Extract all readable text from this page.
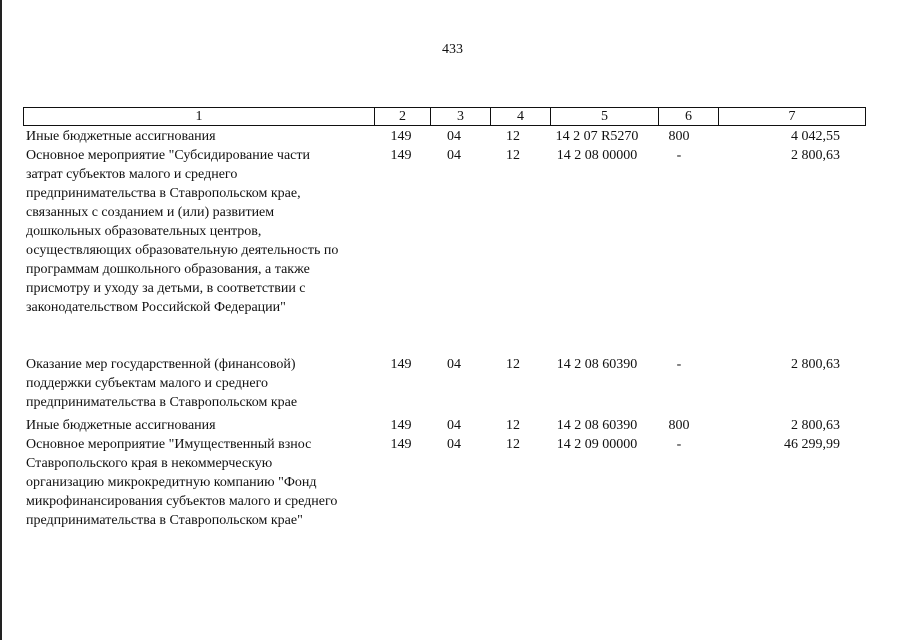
433
1	2	3	4	5	6	7
Иные бюджетные ассигнования	149	04	12	14 2 07 R5270	800	4 042,55
Основное мероприятие "Субсидирование части
затрат субъектов малого и среднего
предпринимательства в Ставропольском крае,
связанных с созданием и (или) развитием
дошкольных образовательных центров,
осуществляющих образовательную деятельность по
программам дошкольного образования, а также
присмотру и уходу за детьми, в соответствии с
законодательством Российской Федерации"
149	04	12	14 2 08 00000	-	2 800,63
Оказание мер государственной (финансовой)
поддержки субъектам малого и среднего
предпринимательства в Ставропольском крае
149	04	12	14 2 08 60390	-	2 800,63
Иные бюджетные ассигнования	149	04	12	14 2 08 60390	800	2 800,63
Основное мероприятие "Имущественный взнос
Ставропольского края в некоммерческую
организацию микрокредитную компанию "Фонд
микрофинансирования субъектов малого и среднего
предпринимательства в Ставропольском крае"
149	04	12	14 2 09 00000	-	46 299,99
